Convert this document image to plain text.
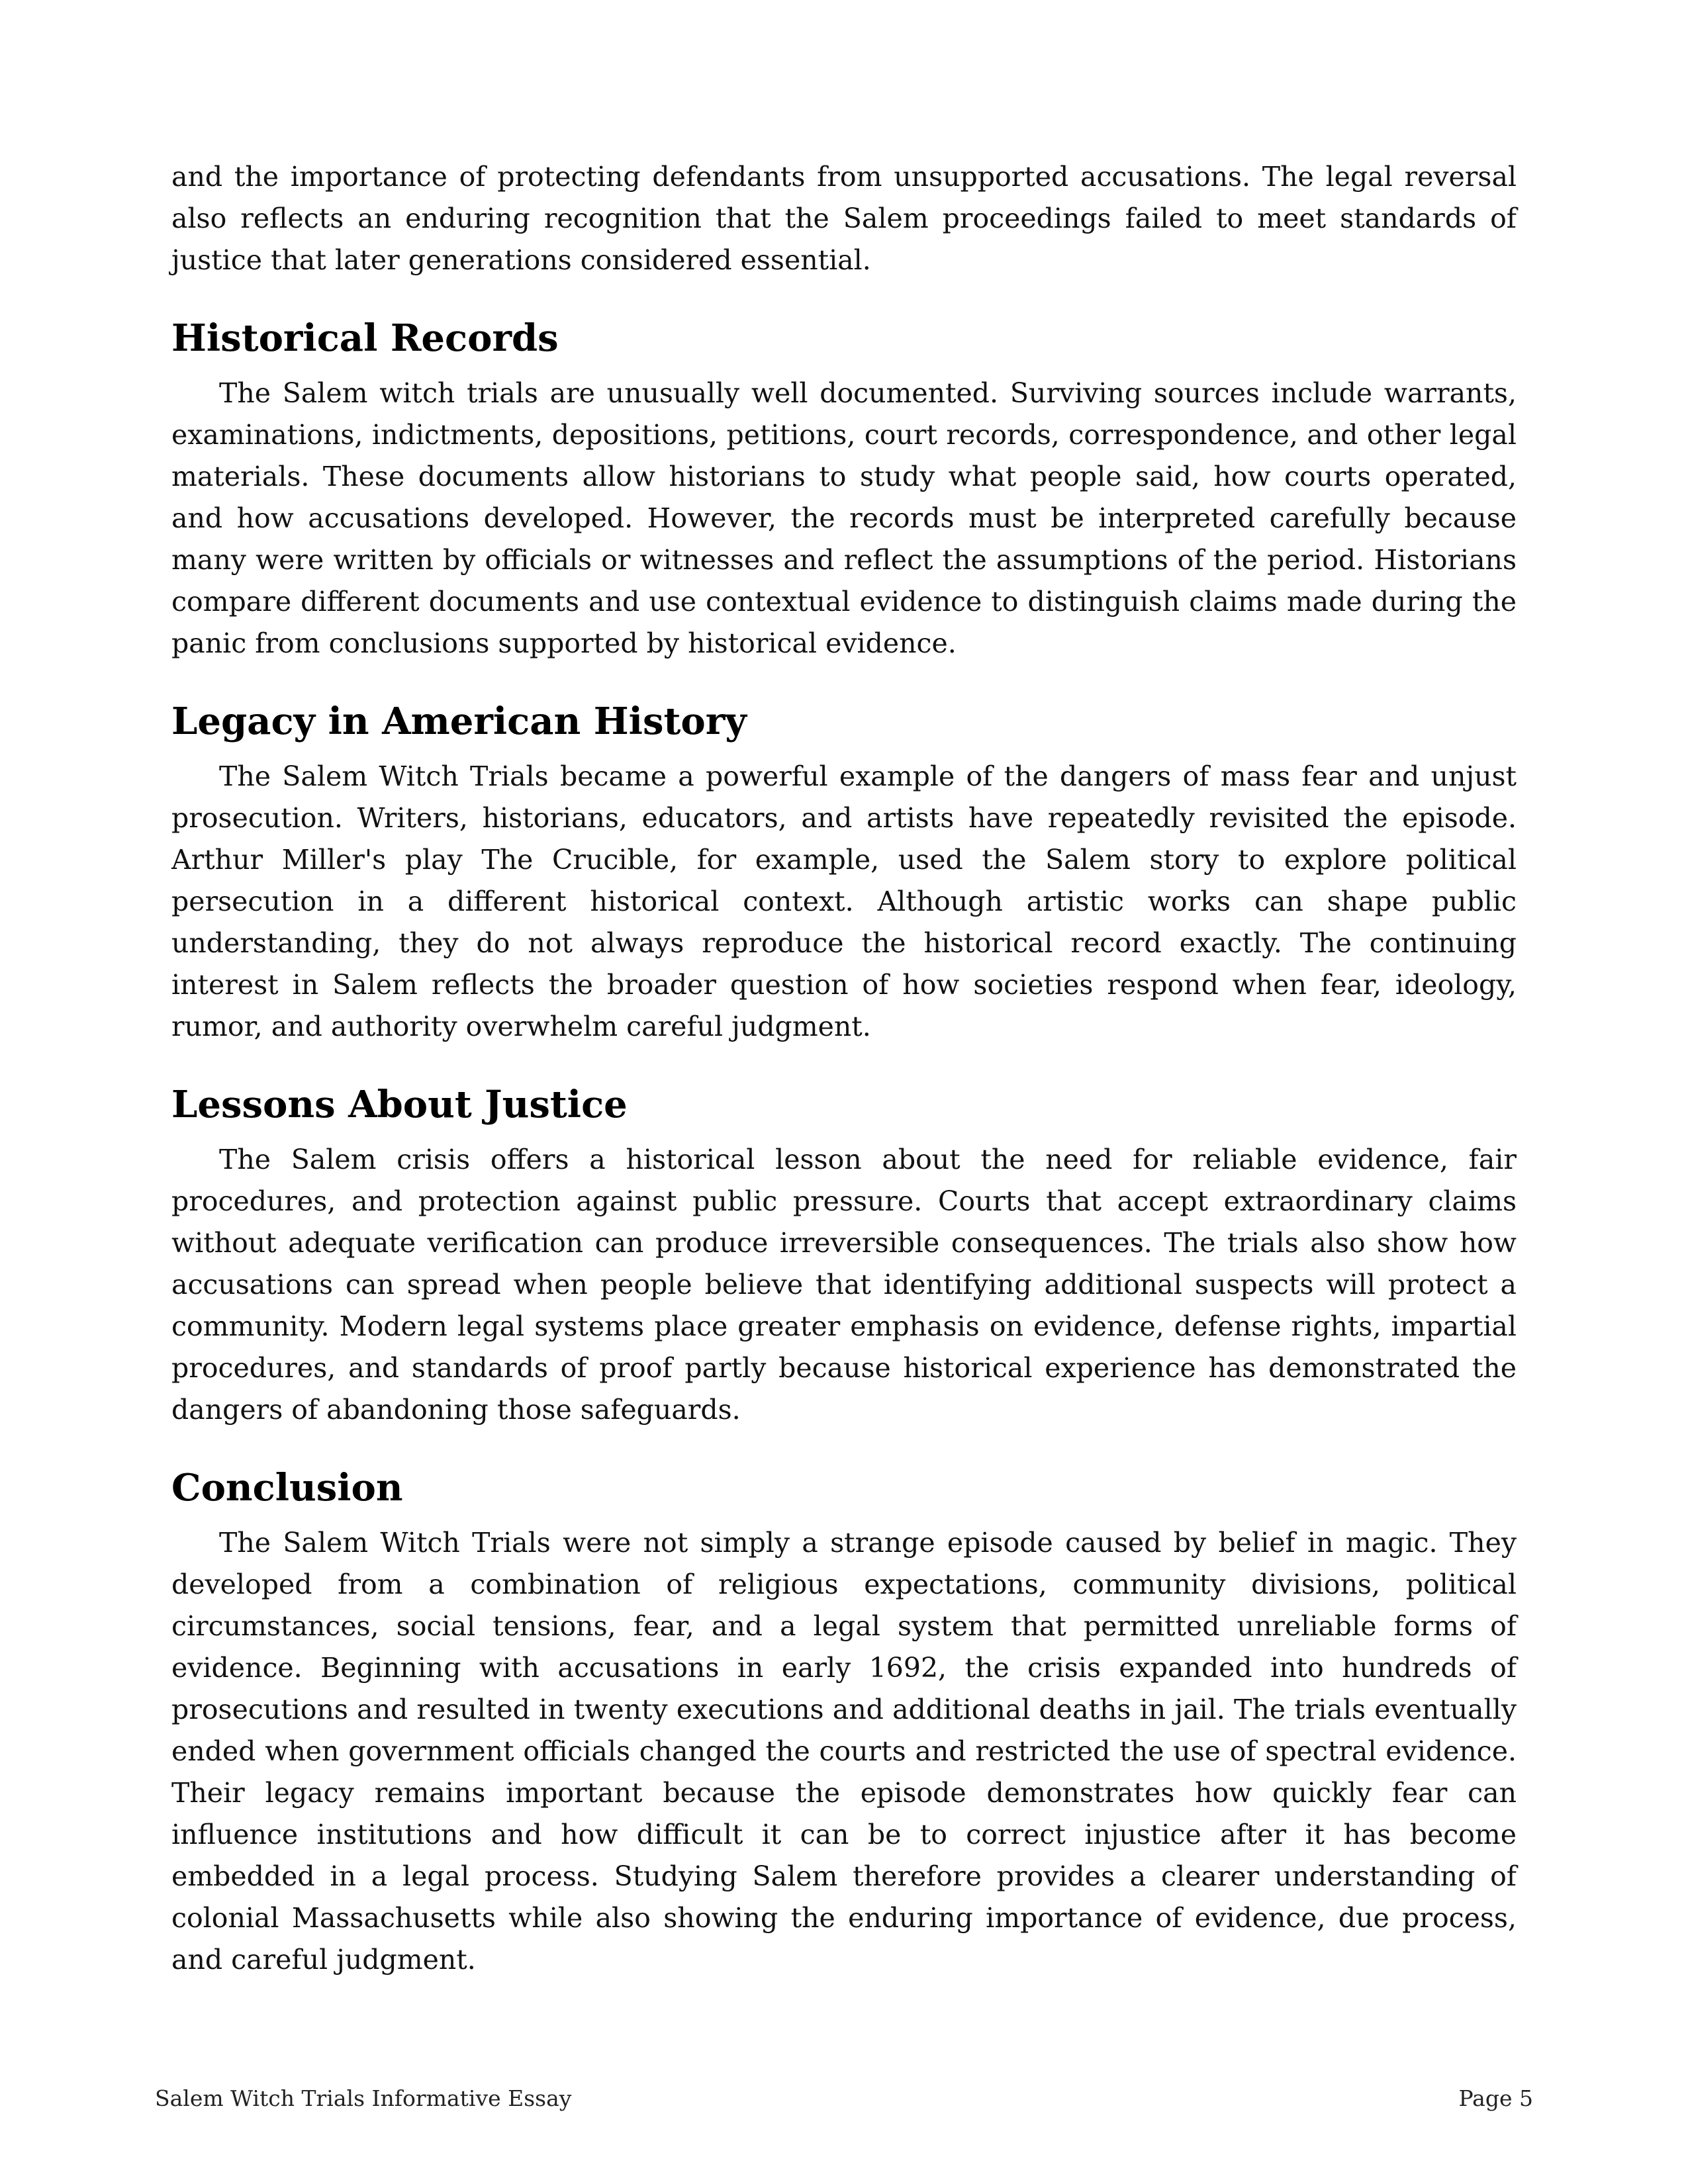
and the importance of protecting defendants from unsupported accusations. The legal reversal also reflects an enduring recognition that the Salem proceedings failed to meet standards of justice that later generations considered essential.

Historical Records

The Salem witch trials are unusually well documented. Surviving sources include warrants, examinations, indictments, depositions, petitions, court records, correspondence, and other legal materials. These documents allow historians to study what people said, how courts operated, and how accusations developed. However, the records must be interpreted carefully because many were written by officials or witnesses and reflect the assumptions of the period. Historians compare different documents and use contextual evidence to distinguish claims made during the panic from conclusions supported by historical evidence.

Legacy in American History

The Salem Witch Trials became a powerful example of the dangers of mass fear and unjust prosecution. Writers, historians, educators, and artists have repeatedly revisited the episode. Arthur Miller's play The Crucible, for example, used the Salem story to explore political persecution in a different historical context. Although artistic works can shape public understanding, they do not always reproduce the historical record exactly. The continuing interest in Salem reflects the broader question of how societies respond when fear, ideology, rumor, and authority overwhelm careful judgment.

Lessons About Justice

The Salem crisis offers a historical lesson about the need for reliable evidence, fair procedures, and protection against public pressure. Courts that accept extraordinary claims without adequate verification can produce irreversible consequences. The trials also show how accusations can spread when people believe that identifying additional suspects will protect a community. Modern legal systems place greater emphasis on evidence, defense rights, impartial procedures, and standards of proof partly because historical experience has demonstrated the dangers of abandoning those safeguards.

Conclusion

The Salem Witch Trials were not simply a strange episode caused by belief in magic. They developed from a combination of religious expectations, community divisions, political circumstances, social tensions, fear, and a legal system that permitted unreliable forms of evidence. Beginning with accusations in early 1692, the crisis expanded into hundreds of prosecutions and resulted in twenty executions and additional deaths in jail. The trials eventually ended when government officials changed the courts and restricted the use of spectral evidence. Their legacy remains important because the episode demonstrates how quickly fear can influence institutions and how difficult it can be to correct injustice after it has become embedded in a legal process. Studying Salem therefore provides a clearer understanding of colonial Massachusetts while also showing the enduring importance of evidence, due process, and careful judgment.

Salem Witch Trials Informative Essay	Page 5
